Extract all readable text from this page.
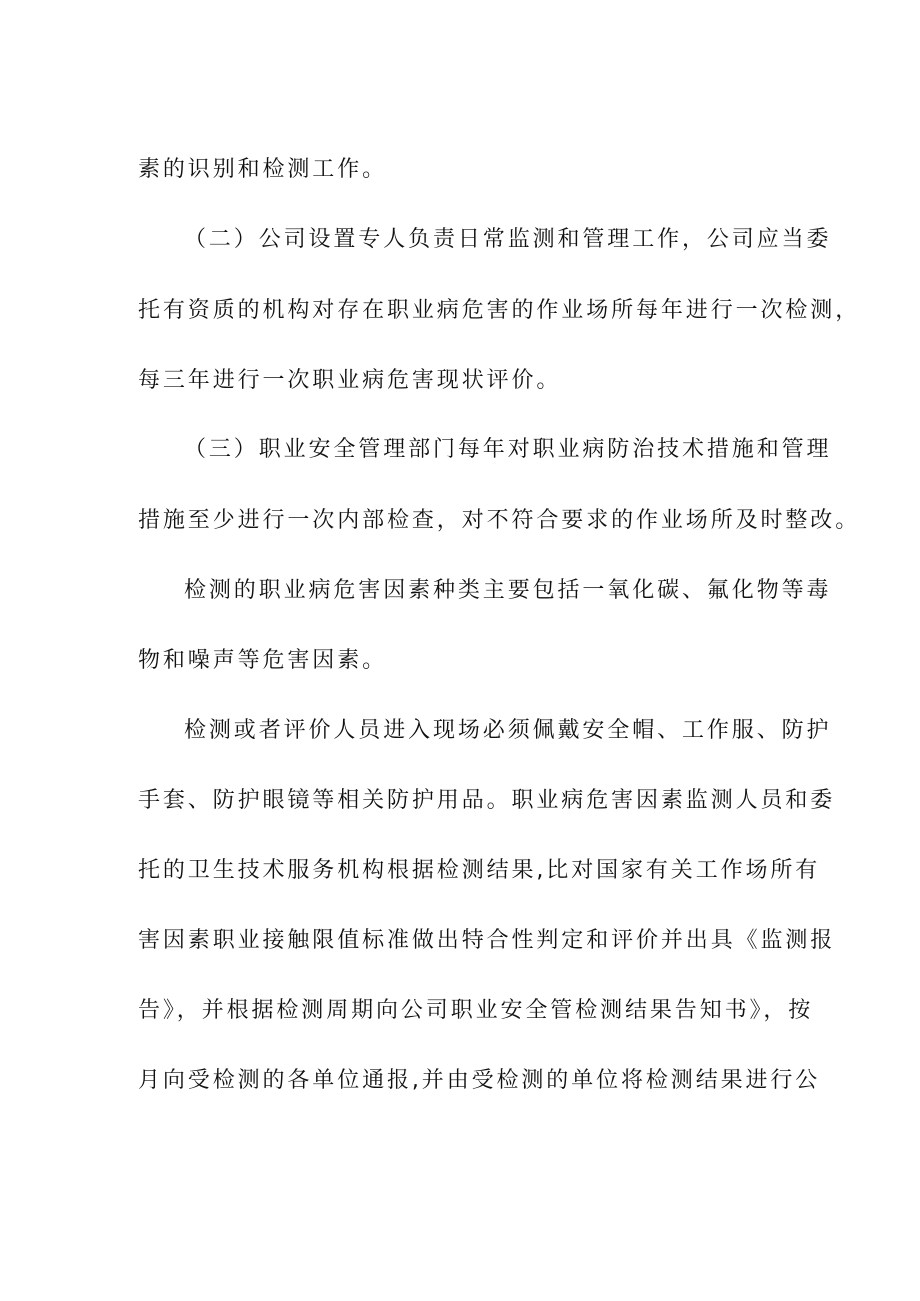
素的识别和检测工作。
（二）公司设置专人负责日常监测和管理工作，公司应当委
托有资质的机构对存在职业病危害的作业场所每年进行一次检测，
每三年进行一次职业病危害现状评价。
（三）职业安全管理部门每年对职业病防治技术措施和管理
措施至少进行一次内部检查，对不符合要求的作业场所及时整改。
检测的职业病危害因素种类主要包括一氧化碳、氟化物等毒
物和噪声等危害因素。
检测或者评价人员进入现场必须佩戴安全帽、工作服、防护
手套、防护眼镜等相关防护用品。职业病危害因素监测人员和委
托的卫生技术服务机构根据检测结果,比对国家有关工作场所有
害因素职业接触限值标准做出特合性判定和评价并出具《监测报
告》，并根据检测周期向公司职业安全管检测结果告知书》，按
月向受检测的各单位通报,并由受检测的单位将检测结果进行公
